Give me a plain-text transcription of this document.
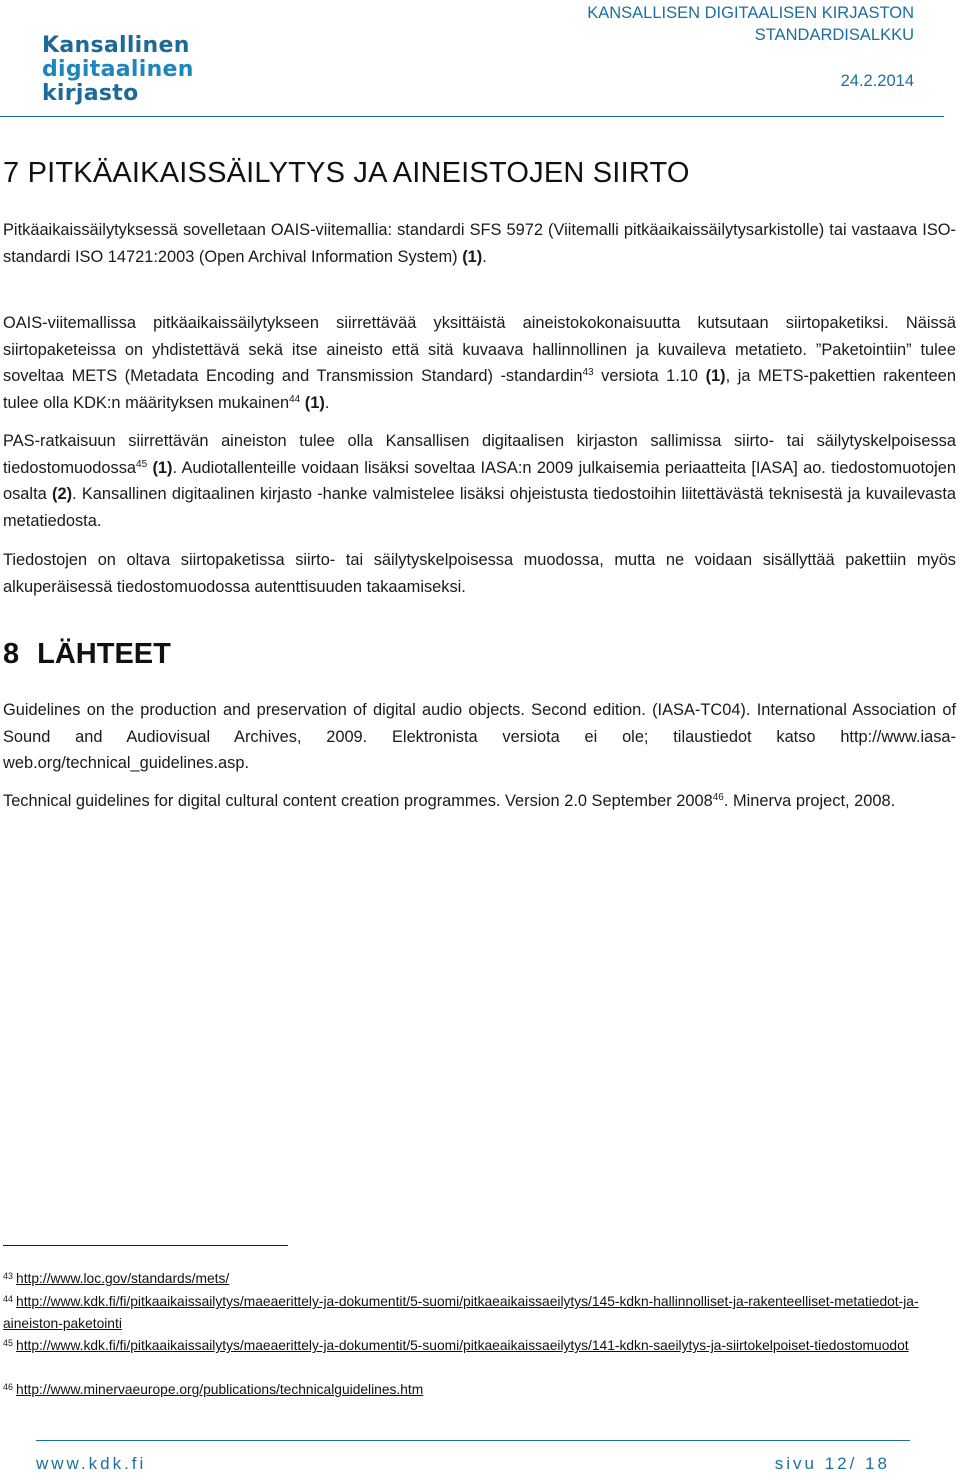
Kansallinen
digitaalinen
kirjasto
KANSALLISEN DIGITAALISEN KIRJASTON
STANDARDISALKKU
24.2.2014
7 PITKÄAIKAISSÄILYTYS JA AINEISTOJEN SIIRTO

Pitkäaikaissäilytyksessä sovelletaan OAIS-viitemallia: standardi SFS 5972 (Viitemalli pitkäaikaissäilytysarkistolle) tai vastaava ISO-standardi ISO 14721:2003 (Open Archival Information System) (1).

OAIS-viitemallissa pitkäaikaissäilytykseen siirrettävää yksittäistä aineistokokonaisuutta kutsutaan siirtopaketiksi. Näissä siirtopaketeissa on yhdistettävä sekä itse aineisto että sitä kuvaava hallinnollinen ja kuvaileva metatieto. ”Paketointiin” tulee soveltaa METS (Metadata Encoding and Transmission Standard) -standardin$^{43}$ versiota 1.10 (1), ja METS-pakettien rakenteen tulee olla KDK:n määrityksen mukainen$^{44}$ (1).

PAS-ratkaisuun siirrettävän aineiston tulee olla Kansallisen digitaalisen kirjaston sallimissa siirto- tai säilytyskelpoisessa tiedostomuodossa$^{45}$ (1). Audiotallenteille voidaan lisäksi soveltaa IASA:n 2009 julkaisemia periaatteita [IASA] ao. tiedostomuotojen osalta (2). Kansallinen digitaalinen kirjasto -hanke valmistelee lisäksi ohjeistusta tiedostoihin liitettävästä teknisestä ja kuvailevasta metatiedosta.

Tiedostojen on oltava siirtopaketissa siirto- tai säilytyskelpoisessa muodossa, mutta ne voidaan sisällyttää pakettiin myös alkuperäisessä tiedostomuodossa autenttisuuden takaamiseksi.

8 LÄHTEET

Guidelines on the production and preservation of digital audio objects. Second edition. (IASA-TC04). International Association of Sound and Audiovisual Archives, 2009. Elektronista versiota ei ole; tilaustiedot katso http://www.iasa-web.org/technical_guidelines.asp.

Technical guidelines for digital cultural content creation programmes. Version 2.0 September 2008$^{46}$. Minerva project, 2008.

$^{43}$ http://www.loc.gov/standards/mets/

$^{44}$ http://www.kdk.fi/fi/pitkaaikaissailytys/maeaerittely-ja-dokumentit/5-suomi/pitkaeaikaissaeilytys/145-kdkn-hallinnolliset-ja-rakenteelliset-metatiedot-ja-aineiston-paketointi

$^{45}$ http://www.kdk.fi/fi/pitkaaikaissailytys/maeaerittely-ja-dokumentit/5-suomi/pitkaeaikaissaeilytys/141-kdkn-saeilytys-ja-siirtokelpoiset-tiedostomuodot

$^{46}$ http://www.minervaeurope.org/publications/technicalguidelines.htm

www.kdk.fi	sivu 12/ 18
